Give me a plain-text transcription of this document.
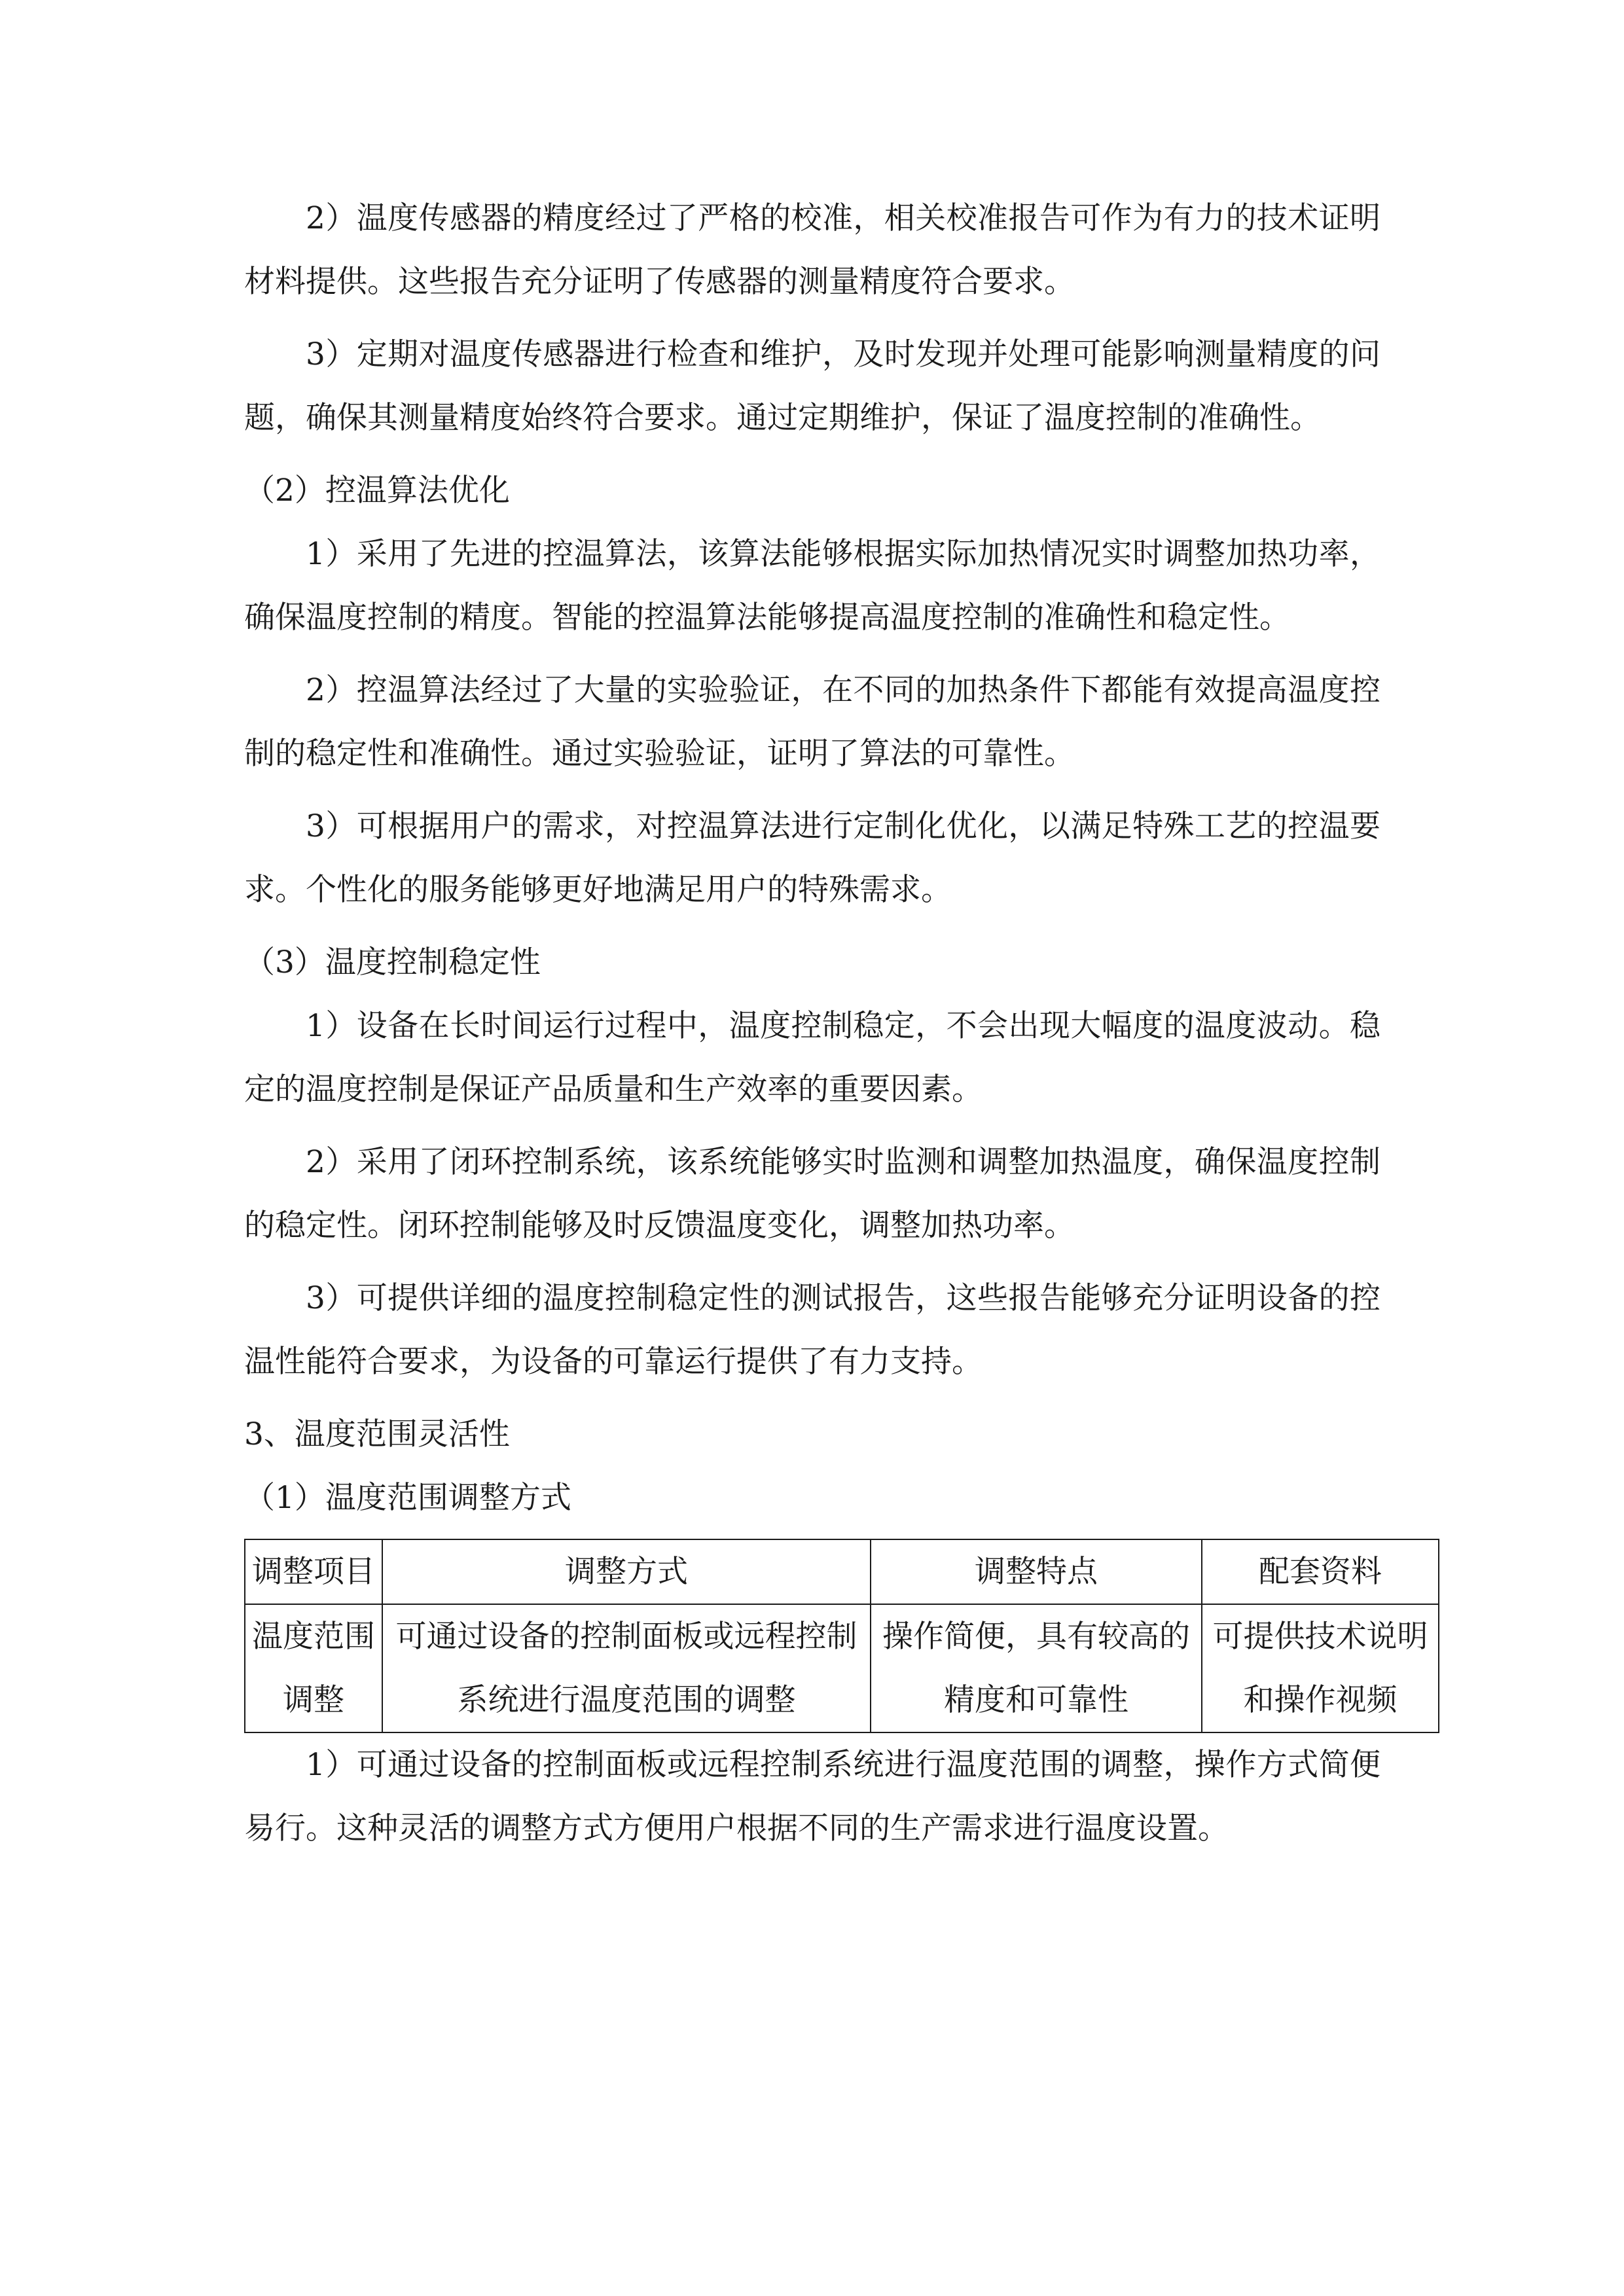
2）温度传感器的精度经过了严格的校准，相关校准报告可作为有力的技术证明材料提供。这些报告充分证明了传感器的测量精度符合要求。

3）定期对温度传感器进行检查和维护，及时发现并处理可能影响测量精度的问题，确保其测量精度始终符合要求。通过定期维护，保证了温度控制的准确性。

（2）控温算法优化

1）采用了先进的控温算法，该算法能够根据实际加热情况实时调整加热功率，确保温度控制的精度。智能的控温算法能够提高温度控制的准确性和稳定性。

2）控温算法经过了大量的实验验证，在不同的加热条件下都能有效提高温度控制的稳定性和准确性。通过实验验证，证明了算法的可靠性。

3）可根据用户的需求，对控温算法进行定制化优化，以满足特殊工艺的控温要求。个性化的服务能够更好地满足用户的特殊需求。

（3）温度控制稳定性

1）设备在长时间运行过程中，温度控制稳定，不会出现大幅度的温度波动。稳定的温度控制是保证产品质量和生产效率的重要因素。

2）采用了闭环控制系统，该系统能够实时监测和调整加热温度，确保温度控制的稳定性。闭环控制能够及时反馈温度变化，调整加热功率。

3）可提供详细的温度控制稳定性的测试报告，这些报告能够充分证明设备的控温性能符合要求，为设备的可靠运行提供了有力支持。

3、温度范围灵活性

（1）温度范围调整方式

调整项目	调整方式	调整特点	配套资料
温度范围调整	可通过设备的控制面板或远程控制系统进行温度范围的调整	操作简便，具有较高的精度和可靠性	可提供技术说明和操作视频

1）可通过设备的控制面板或远程控制系统进行温度范围的调整，操作方式简便易行。这种灵活的调整方式方便用户根据不同的生产需求进行温度设置。
